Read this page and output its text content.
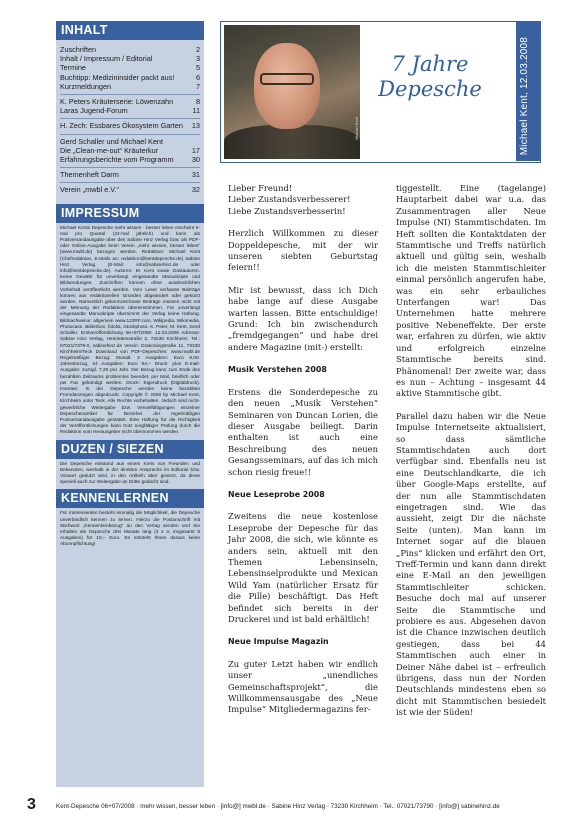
INHALT
Zuschriften	2
Inhalt / Impressum / Editorial	3
Termine	5
Buchtipp: Medizininsider packt aus!	6
Kurzmeldungen	7
K. Peters Kräuterserie: Löwenzahn	8
Laras Jugend-Forum	11
H. Zech: Essbares Ökosystem Garten 13
Gerd Schaller und Michael Kent
Die „Clean-me-out“ Kräuterkur	17
Erfahrungsberichte vom Programm	30
Themenheft Darm	31
Verein „mwbl e.V.“	32
IMPRESSUM
Michael Kents Depesche mehr wissen · besser leben erscheint 6-mal pro Quartal (24-mal jährlich) und kann als Postversandausgabe über den Sabine Hinz Verlag bzw. als PDF- oder Online-Ausgabe beim Verein „mehr wissen, besser leben“ (www.mwbl.de) bezogen werden. Redaktion: Michael Kent (Chefredaktion, E-Mails an: redaktion@kentdepesche.de) Sabine Hinz Verlag (E-Mail: info@sabinehinz.de oder info@kentdepesche.de). Autoren: M. Kent sowie Gastautoren. Keine Gewähr für unverlangt eingesandte Manuskripte und Bildsendungen. Zuschriften können ohne ausdrücklichen Vorbehalt veröffentlicht werden. Vom Leser verfasste Beiträge können aus redaktionellen Gründen abgeändert oder gekürzt werden. Namentlich gekennzeichnete Beiträge müssen nicht mit der Meinung der Redaktion übereinstimmen. Für unverlangt eingesandte Manuskripte übernimmt der Verlag keine Haftung. Bildnachweise: allgemein www.123RF.com, Wikipedia, Wikimedia, Photocase, Bilderbox, fotolia, istockphoto. K. Peter, M. Kent, Gerd Schaller. Erstveröffentlichung 06+07/2008: 12.03.2008 Adresse: Sabine Hinz Verlag, Henriettenstraße 2, 73230 Kirchheim. Tel.: 07021/7379-0, sabinehinz.de Verein: Drakoningstraße 11, 73230 Kirchheim/Teck Download von PDF-Depeschen: www.mwbl.de Regelmäßiger Bezug: Monatl. 2 Ausgaben: Euro 9,00. Jahresbezug, 24 Ausgaben: Euro 94,– Druck- plus E-mail-Ausgabe: zuzügl. 7,20 pro Jahr. Der Bezug kann zum Ende des bezahlten Zeitraums problemlos beendet, per Mail, brieflich oder per Fax gekündigt werden. Druck: Eigendruck (Digitaldruck). Inserate: In der Depesche werden keine bezahlten Fremdanzeigen abgedruckt. Copyright © 2008 by Michael Kent, Kirchheim unter Teck. Alle Rechte vorbehalten. Jedoch sind nicht-gewerbliche Weitergabe bzw. Vervielfältigungen einzelner Depeschenartikel für Bezieher der regelmäßigen Postversandausgabe gestattet. Eine Haftung für die Richtigkeit der Veröffentlichungen kann trotz sorgfältiger Prüfung durch die Redaktion vom Herausgeber nicht übernommen werden.
DUZEN / SIEZEN
Die Depesche entstand aus einem Kreis von Freunden und Bekannten, weshalb in der direkten Ansprache im Editorial bzw. Vorwort gedutzt wird, in den Artikeln aber gesiezt, da diese speziell auch zur Weitergabe an Dritte gedacht sind.
KENNENLERNEN
Für Interessenten besteht einmalig die Möglichkeit, die Depesche unverbindlich kennen zu lernen. Hierzu die Postanschrift mit Stichwort „Kennenlernbezug“ an den Verlag senden und Sie erhalten die Depesche drei Monate lang (3 x 3, insgesamt 9 Ausgaben) für 10,– Euro. Es entsteht Ihnen daraus keine Abonnpflichtung!
Michael Kent
7 Jahre
Depesche	Michael Kent, 12.03.2008

Lieber Freund!
Lieber Zustandsverbesserer!
Liebe Zustandsverbesserin!

Herzlich Willkommen zu dieser Doppeldepesche, mit der wir unseren siebten Geburtstag feiern!!

Mir ist bewusst, dass ich Dich habe lange auf diese Ausgabe warten lassen. Bitte entschuldige! Grund: Ich bin zwischendurch „fremdgegangen“ und habe drei andere Magazine (mit-) erstellt:

Musik Verstehen 2008

Erstens die Sonderdepesche zu den neuen „Musik Verstehen“ Seminaren von Duncan Lorien, die dieser Ausgabe beiliegt. Darin enthalten ist auch eine Beschreibung des neuen Gesangsseminars, auf das ich mich schon riesig freue!!

Neue Leseprobe 2008

Zweitens die neue kostenlose Leseprobe der Depesche für das Jahr 2008, die sich, wie könnte es anders sein, aktuell mit den Themen Lebensinseln, Lebensinselprodukte und Mexican Wild Yam (natürlicher Ersatz für die Pille) beschäftigt. Das Heft befindet sich bereits in der Druckerei und ist bald erhältlich!

Neue Impulse Magazin

Zu guter Letzt haben wir endlich unser „unendliches Gemeinschaftsprojekt“, die Willkommensausgabe des „Neue Impulse“ Mitgliedermagazins fer-

tiggestellt. Eine (tagelange) Hauptarbeit dabei war u.a. das Zusammentragen aller Neue Impulse (NI) Stammtischdaten. Im Heft sollten die Kontaktdaten der Stammtische und Treffs natürlich aktuell und gültig sein, weshalb ich die meisten Stammtischleiter einmal persönlich angerufen habe, was ein sehr erbauliches Unterfangen war! Das Unternehmen hatte mehrere positive Nebeneffekte. Der erste war, erfahren zu dürfen, wie aktiv und erfolgreich einzelne Stammtische bereits sind. Phänomenal! Der zweite war, dass es nun – Achtung – insgesamt 44 aktive Stammtische gibt.

Parallel dazu haben wir die Neue Impulse Internetseite aktualisiert, so dass sämtliche Stammtischdaten auch dort verfügbar sind. Ebenfalls neu ist eine Deutschlandkarte, die ich über Google-Maps erstellte, auf der nun alle Stammtischdaten eingetragen sind. Wie das aussieht, zeigt Dir die nächste Seite (unten). Man kann im Internet sogar auf die blauen „Pins“ klicken und erfährt den Ort, Treff-Termin und kann dann direkt eine E-Mail an den jeweiligen Stammtischleiter schicken. Besuche doch mal auf unserer Seite die Stammtische und probiere es aus. Abgesehen davon ist die Chance inzwischen deutlich gestiegen, dass bei 44 Stammtischen auch einer in Deiner Nähe dabei ist – erfreulich übrigens, dass nun der Norden Deutschlands mindestens eben so dicht mit Stammtischen besiedelt ist wie der Süden!

3	Kent-Depesche 06+07/2008 · mehr wissen, besser leben · [info@] mwbl.de · Sabine Hinz Verlag · 73230 Kirchheim · Tel.: 07021/73790 · [info@] sabinehinz.de
